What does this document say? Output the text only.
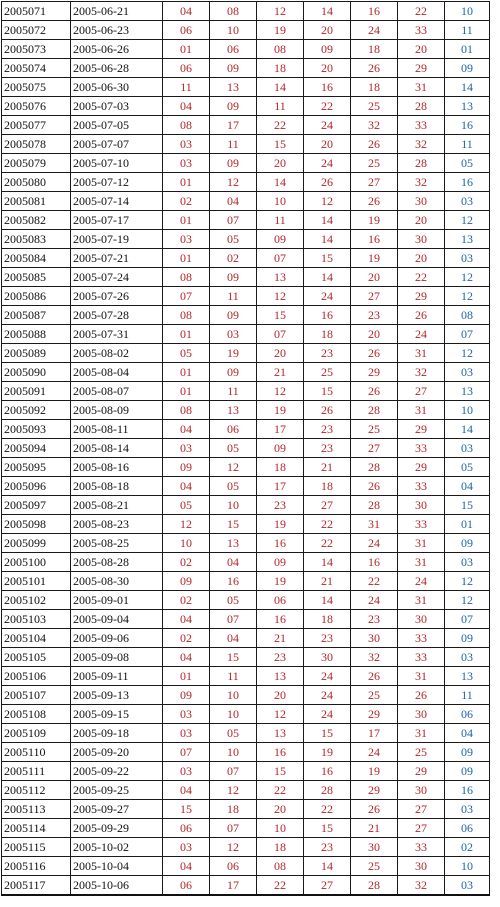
2005071	2005-06-21	04	08	12	14	16	22	10
2005072	2005-06-23	06	10	19	20	24	33	11
2005073	2005-06-26	01	06	08	09	18	20	01
2005074	2005-06-28	06	09	18	20	26	29	09
2005075	2005-06-30	11	13	14	16	18	31	14
2005076	2005-07-03	04	09	11	22	25	28	13
2005077	2005-07-05	08	17	22	24	32	33	16
2005078	2005-07-07	03	11	15	20	26	32	11
2005079	2005-07-10	03	09	20	24	25	28	05
2005080	2005-07-12	01	12	14	26	27	32	16
2005081	2005-07-14	02	04	10	12	26	30	03
2005082	2005-07-17	01	07	11	14	19	20	12
2005083	2005-07-19	03	05	09	14	16	30	13
2005084	2005-07-21	01	02	07	15	19	20	03
2005085	2005-07-24	08	09	13	14	20	22	12
2005086	2005-07-26	07	11	12	24	27	29	12
2005087	2005-07-28	08	09	15	16	23	26	08
2005088	2005-07-31	01	03	07	18	20	24	07
2005089	2005-08-02	05	19	20	23	26	31	12
2005090	2005-08-04	01	09	21	25	29	32	03
2005091	2005-08-07	01	11	12	15	26	27	13
2005092	2005-08-09	08	13	19	26	28	31	10
2005093	2005-08-11	04	06	17	23	25	29	14
2005094	2005-08-14	03	05	09	23	27	33	03
2005095	2005-08-16	09	12	18	21	28	29	05
2005096	2005-08-18	04	05	17	18	26	33	04
2005097	2005-08-21	05	10	23	27	28	30	15
2005098	2005-08-23	12	15	19	22	31	33	01
2005099	2005-08-25	10	13	16	22	24	31	09
2005100	2005-08-28	02	04	09	14	16	31	03
2005101	2005-08-30	09	16	19	21	22	24	12
2005102	2005-09-01	02	05	06	14	24	31	12
2005103	2005-09-04	04	07	16	18	23	30	07
2005104	2005-09-06	02	04	21	23	30	33	09
2005105	2005-09-08	04	15	23	30	32	33	03
2005106	2005-09-11	01	11	13	24	26	31	13
2005107	2005-09-13	09	10	20	24	25	26	11
2005108	2005-09-15	03	10	12	24	29	30	06
2005109	2005-09-18	03	05	13	15	17	31	04
2005110	2005-09-20	07	10	16	19	24	25	09
2005111	2005-09-22	03	07	15	16	19	29	09
2005112	2005-09-25	04	12	22	28	29	30	16
2005113	2005-09-27	15	18	20	22	26	27	03
2005114	2005-09-29	06	07	10	15	21	27	06
2005115	2005-10-02	03	12	18	23	30	33	02
2005116	2005-10-04	04	06	08	14	25	30	10
2005117	2005-10-06	06	17	22	27	28	32	03
